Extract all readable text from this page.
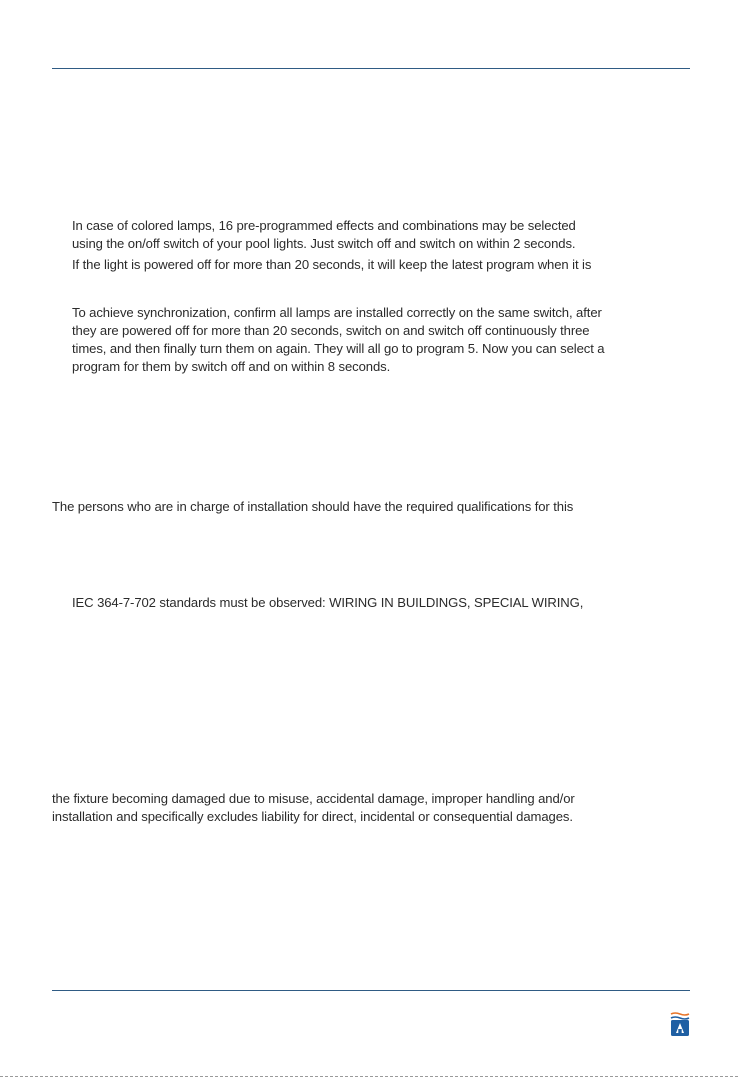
In case of colored lamps, 16 pre-programmed effects and combinations may be selected
using the on/off switch of your pool lights. Just switch off and switch on within 2 seconds.
If the light is powered off for more than 20 seconds, it will keep the latest program when it is
To achieve synchronization, confirm all lamps are installed correctly on the same switch, after
they are powered off for more than 20 seconds, switch on and switch off continuously three
times, and then finally turn them on again. They will all go to program 5. Now you can select a
program for them by switch off and on within 8 seconds.
The persons who are in charge of installation should have the required qualifications for this
IEC 364-7-702 standards must be observed: WIRING IN BUILDINGS, SPECIAL WIRING,
the fixture becoming damaged due to misuse, accidental damage, improper handling and/or
installation and specifically excludes liability for direct, incidental or consequential damages.
